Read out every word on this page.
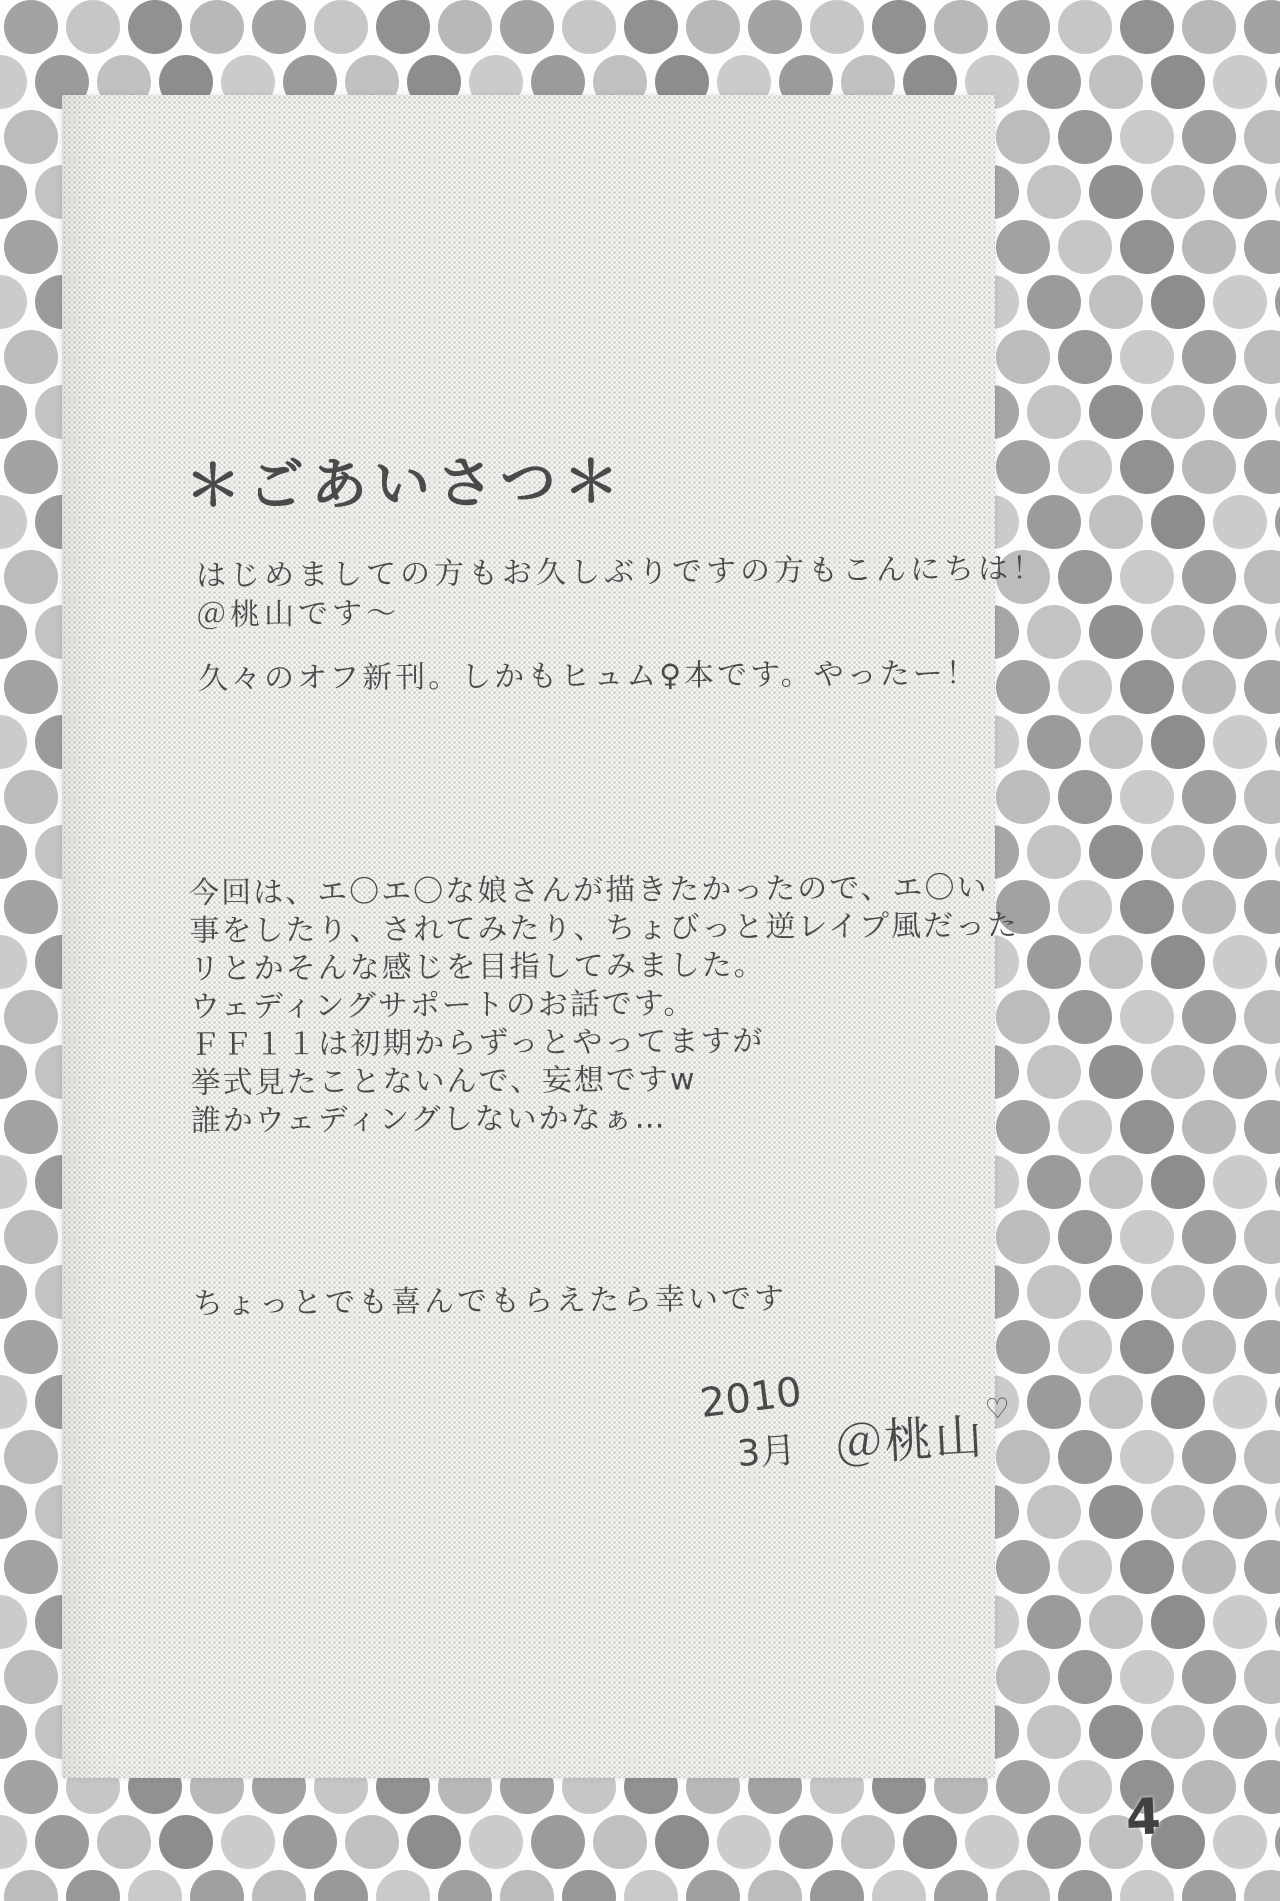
＊ごあいさつ＊
はじめましての方もお久しぶりですの方もこんにちは！
＠桃山です～
久々のオフ新刊。しかもヒュム♀本です。やったー！
今回は、エ〇エ〇な娘さんが描きたかったので、エ〇い
事をしたり、されてみたり、ちょびっと逆レイプ風だった
リとかそんな感じを目指してみました。
ウェディングサポートのお話です。
ＦＦ１１は初期からずっとやってますが
挙式見たことないんで、妄想ですw
誰かウェディングしないかなぁ…
ちょっとでも喜んでもらえたら幸いです
2010
3月 ＠桃山♡
4
